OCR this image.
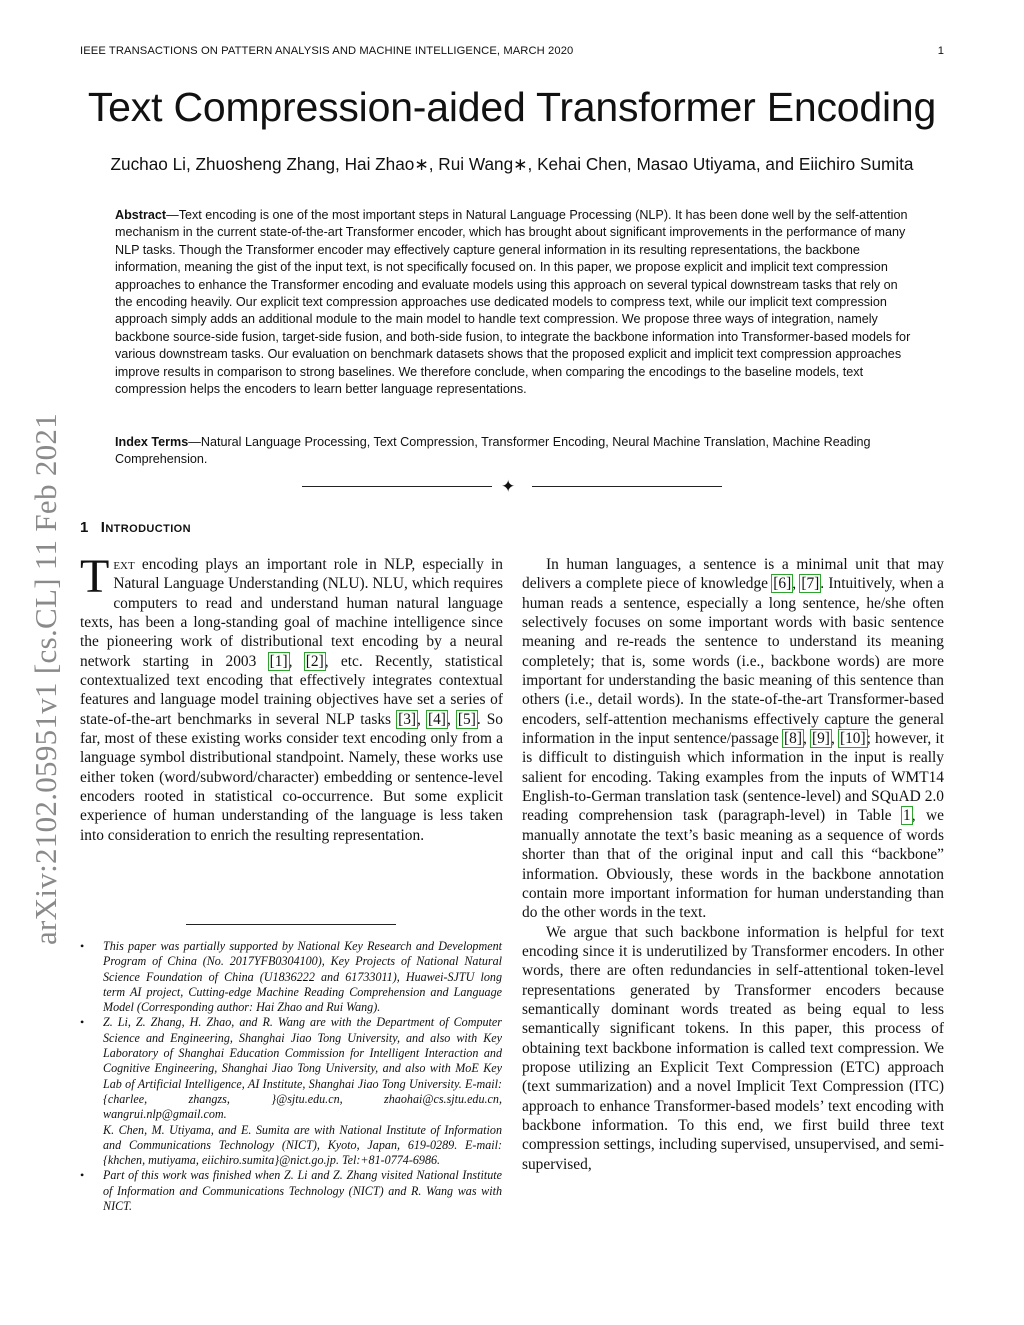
IEEE TRANSACTIONS ON PATTERN ANALYSIS AND MACHINE INTELLIGENCE, MARCH 2020	1
arXiv:2102.05951v1 [cs.CL] 11 Feb 2021
Text Compression-aided Transformer Encoding
Zuchao Li, Zhuosheng Zhang, Hai Zhao∗, Rui Wang∗, Kehai Chen, Masao Utiyama, and Eiichiro Sumita
Abstract—Text encoding is one of the most important steps in Natural Language Processing (NLP). It has been done well by the self-attention mechanism in the current state-of-the-art Transformer encoder, which has brought about significant improvements in the performance of many NLP tasks. Though the Transformer encoder may effectively capture general information in its resulting representations, the backbone information, meaning the gist of the input text, is not specifically focused on. In this paper, we propose explicit and implicit text compression approaches to enhance the Transformer encoding and evaluate models using this approach on several typical downstream tasks that rely on the encoding heavily. Our explicit text compression approaches use dedicated models to compress text, while our implicit text compression approach simply adds an additional module to the main model to handle text compression. We propose three ways of integration, namely backbone source-side fusion, target-side fusion, and both-side fusion, to integrate the backbone information into Transformer-based models for various downstream tasks. Our evaluation on benchmark datasets shows that the proposed explicit and implicit text compression approaches improve results in comparison to strong baselines. We therefore conclude, when comparing the encodings to the baseline models, text compression helps the encoders to learn better language representations.
Index Terms—Natural Language Processing, Text Compression, Transformer Encoding, Neural Machine Translation, Machine Reading Comprehension.
✦
1 Introduction

Text encoding plays an important role in NLP, especially in Natural Language Understanding (NLU). NLU, which requires computers to read and understand human natural language texts, has been a long-standing goal of machine intelligence since the pioneering work of distributional text encoding by a neural network starting in 2003 [1], [2], etc. Recently, statistical contextualized text encoding that effectively integrates contextual features and language model training objectives have set a series of state-of-the-art benchmarks in several NLP tasks [3], [4], [5]. So far, most of these existing works consider text encoding only from a language symbol distributional standpoint. Namely, these works use either token (word/subword/character) embedding or sentence-level encoders rooted in statistical co-occurrence. But some explicit experience of human understanding of the language is less taken into consideration to enrich the resulting representation.

• This paper was partially supported by National Key Research and Development Program of China (No. 2017YFB0304100), Key Projects of National Natural Science Foundation of China (U1836222 and 61733011), Huawei-SJTU long term AI project, Cutting-edge Machine Reading Comprehension and Language Model (Corresponding author: Hai Zhao and Rui Wang).
• Z. Li, Z. Zhang, H. Zhao, and R. Wang are with the Department of Computer Science and Engineering, Shanghai Jiao Tong University, and also with Key Laboratory of Shanghai Education Commission for Intelligent Interaction and Cognitive Engineering, Shanghai Jiao Tong University, and also with MoE Key Lab of Artificial Intelligence, AI Institute, Shanghai Jiao Tong University. E-mail: {charlee, zhangzs, }@sjtu.edu.cn, zhaohai@cs.sjtu.edu.cn, wangrui.nlp@gmail.com.
K. Chen, M. Utiyama, and E. Sumita are with National Institute of Information and Communications Technology (NICT), Kyoto, Japan, 619-0289. E-mail: {khchen, mutiyama, eiichiro.sumita}@nict.go.jp. Tel:+81-0774-6986.
• Part of this work was finished when Z. Li and Z. Zhang visited National Institute of Information and Communications Technology (NICT) and R. Wang was with NICT.

In human languages, a sentence is a minimal unit that may delivers a complete piece of knowledge [6], [7]. Intuitively, when a human reads a sentence, especially a long sentence, he/she often selectively focuses on some important words with basic sentence meaning and re-reads the sentence to understand its meaning completely; that is, some words (i.e., backbone words) are more important for understanding the basic meaning of this sentence than others (i.e., detail words). In the state-of-the-art Transformer-based encoders, self-attention mechanisms effectively capture the general information in the input sentence/passage [8], [9], [10]; however, it is difficult to distinguish which information in the input is really salient for encoding. Taking examples from the inputs of WMT14 English-to-German translation task (sentence-level) and SQuAD 2.0 reading comprehension task (paragraph-level) in Table 1, we manually annotate the text’s basic meaning as a sequence of words shorter than that of the original input and call this “backbone” information. Obviously, these words in the backbone annotation contain more important information for human understanding than do the other words in the text.

We argue that such backbone information is helpful for text encoding since it is underutilized by Transformer encoders. In other words, there are often redundancies in self-attentional token-level representations generated by Transformer encoders because semantically dominant words treated as being equal to less semantically significant tokens. In this paper, this process of obtaining text backbone information is called text compression. We propose utilizing an Explicit Text Compression (ETC) approach (text summarization) and a novel Implicit Text Compression (ITC) approach to enhance Transformer-based models’ text encoding with backbone information. To this end, we first build three text compression settings, including supervised, unsupervised, and semi-supervised,
